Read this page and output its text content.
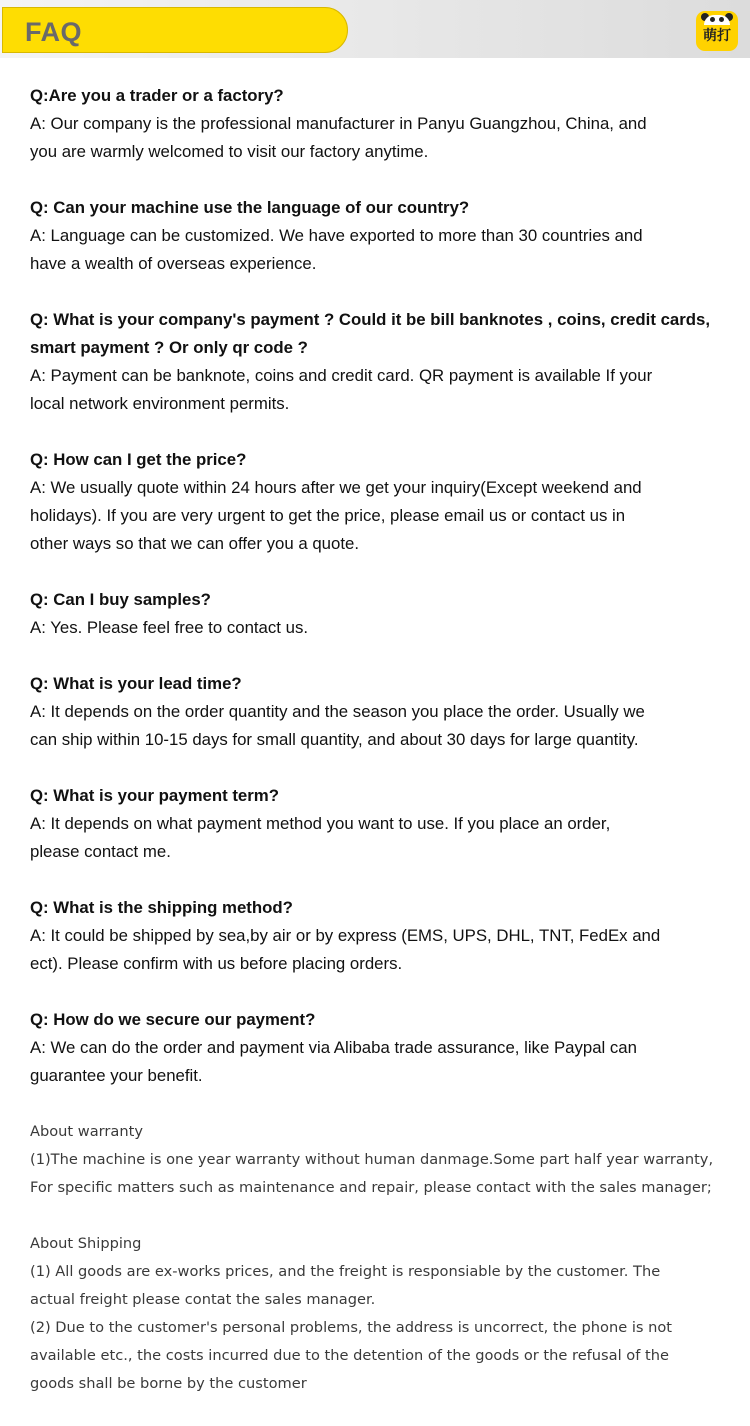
FAQ	萌打

Q:Are you a trader or a factory?

A: Our company is the professional manufacturer in Panyu Guangzhou, China, and
you are warmly welcomed to visit our factory anytime.

Q: Can your machine use the language of our country?

A: Language can be customized. We have exported to more than 30 countries and
have a wealth of overseas experience.

Q: What is your company's payment ? Could it be bill banknotes , coins, credit cards, smart payment ? Or only qr code ?

A: Payment can be banknote, coins and credit card. QR payment is available If your
local network environment permits.

Q: How can I get the price?

A: We usually quote within 24 hours after we get your inquiry(Except weekend and
holidays). If you are very urgent to get the price, please email us or contact us in
other ways so that we can offer you a quote.

Q: Can I buy samples?

A: Yes. Please feel free to contact us.

Q: What is your lead time?

A: It depends on the order quantity and the season you place the order. Usually we
can ship within 10-15 days for small quantity, and about 30 days for large quantity.

Q: What is your payment term?

A: It depends on what payment method you want to use. If you place an order,
please contact me.

Q: What is the shipping method?

A: It could be shipped by sea,by air or by express (EMS, UPS, DHL, TNT, FedEx and
ect). Please confirm with us before placing orders.

Q: How do we secure our payment?

A: We can do the order and payment via Alibaba trade assurance, like Paypal can
guarantee your benefit.

About warranty

(1)The machine is one year warranty without human danmage.Some part half year warranty,

For specific matters such as maintenance and repair, please contact with the sales manager;

About Shipping

(1) All goods are ex-works prices, and the freight is responsiable by the customer. The

actual freight please contat the sales manager.

(2) Due to the customer's personal problems, the address is uncorrect, the phone is not

available etc., the costs incurred due to the detention of the goods or the refusal of the

goods shall be borne by the customer
